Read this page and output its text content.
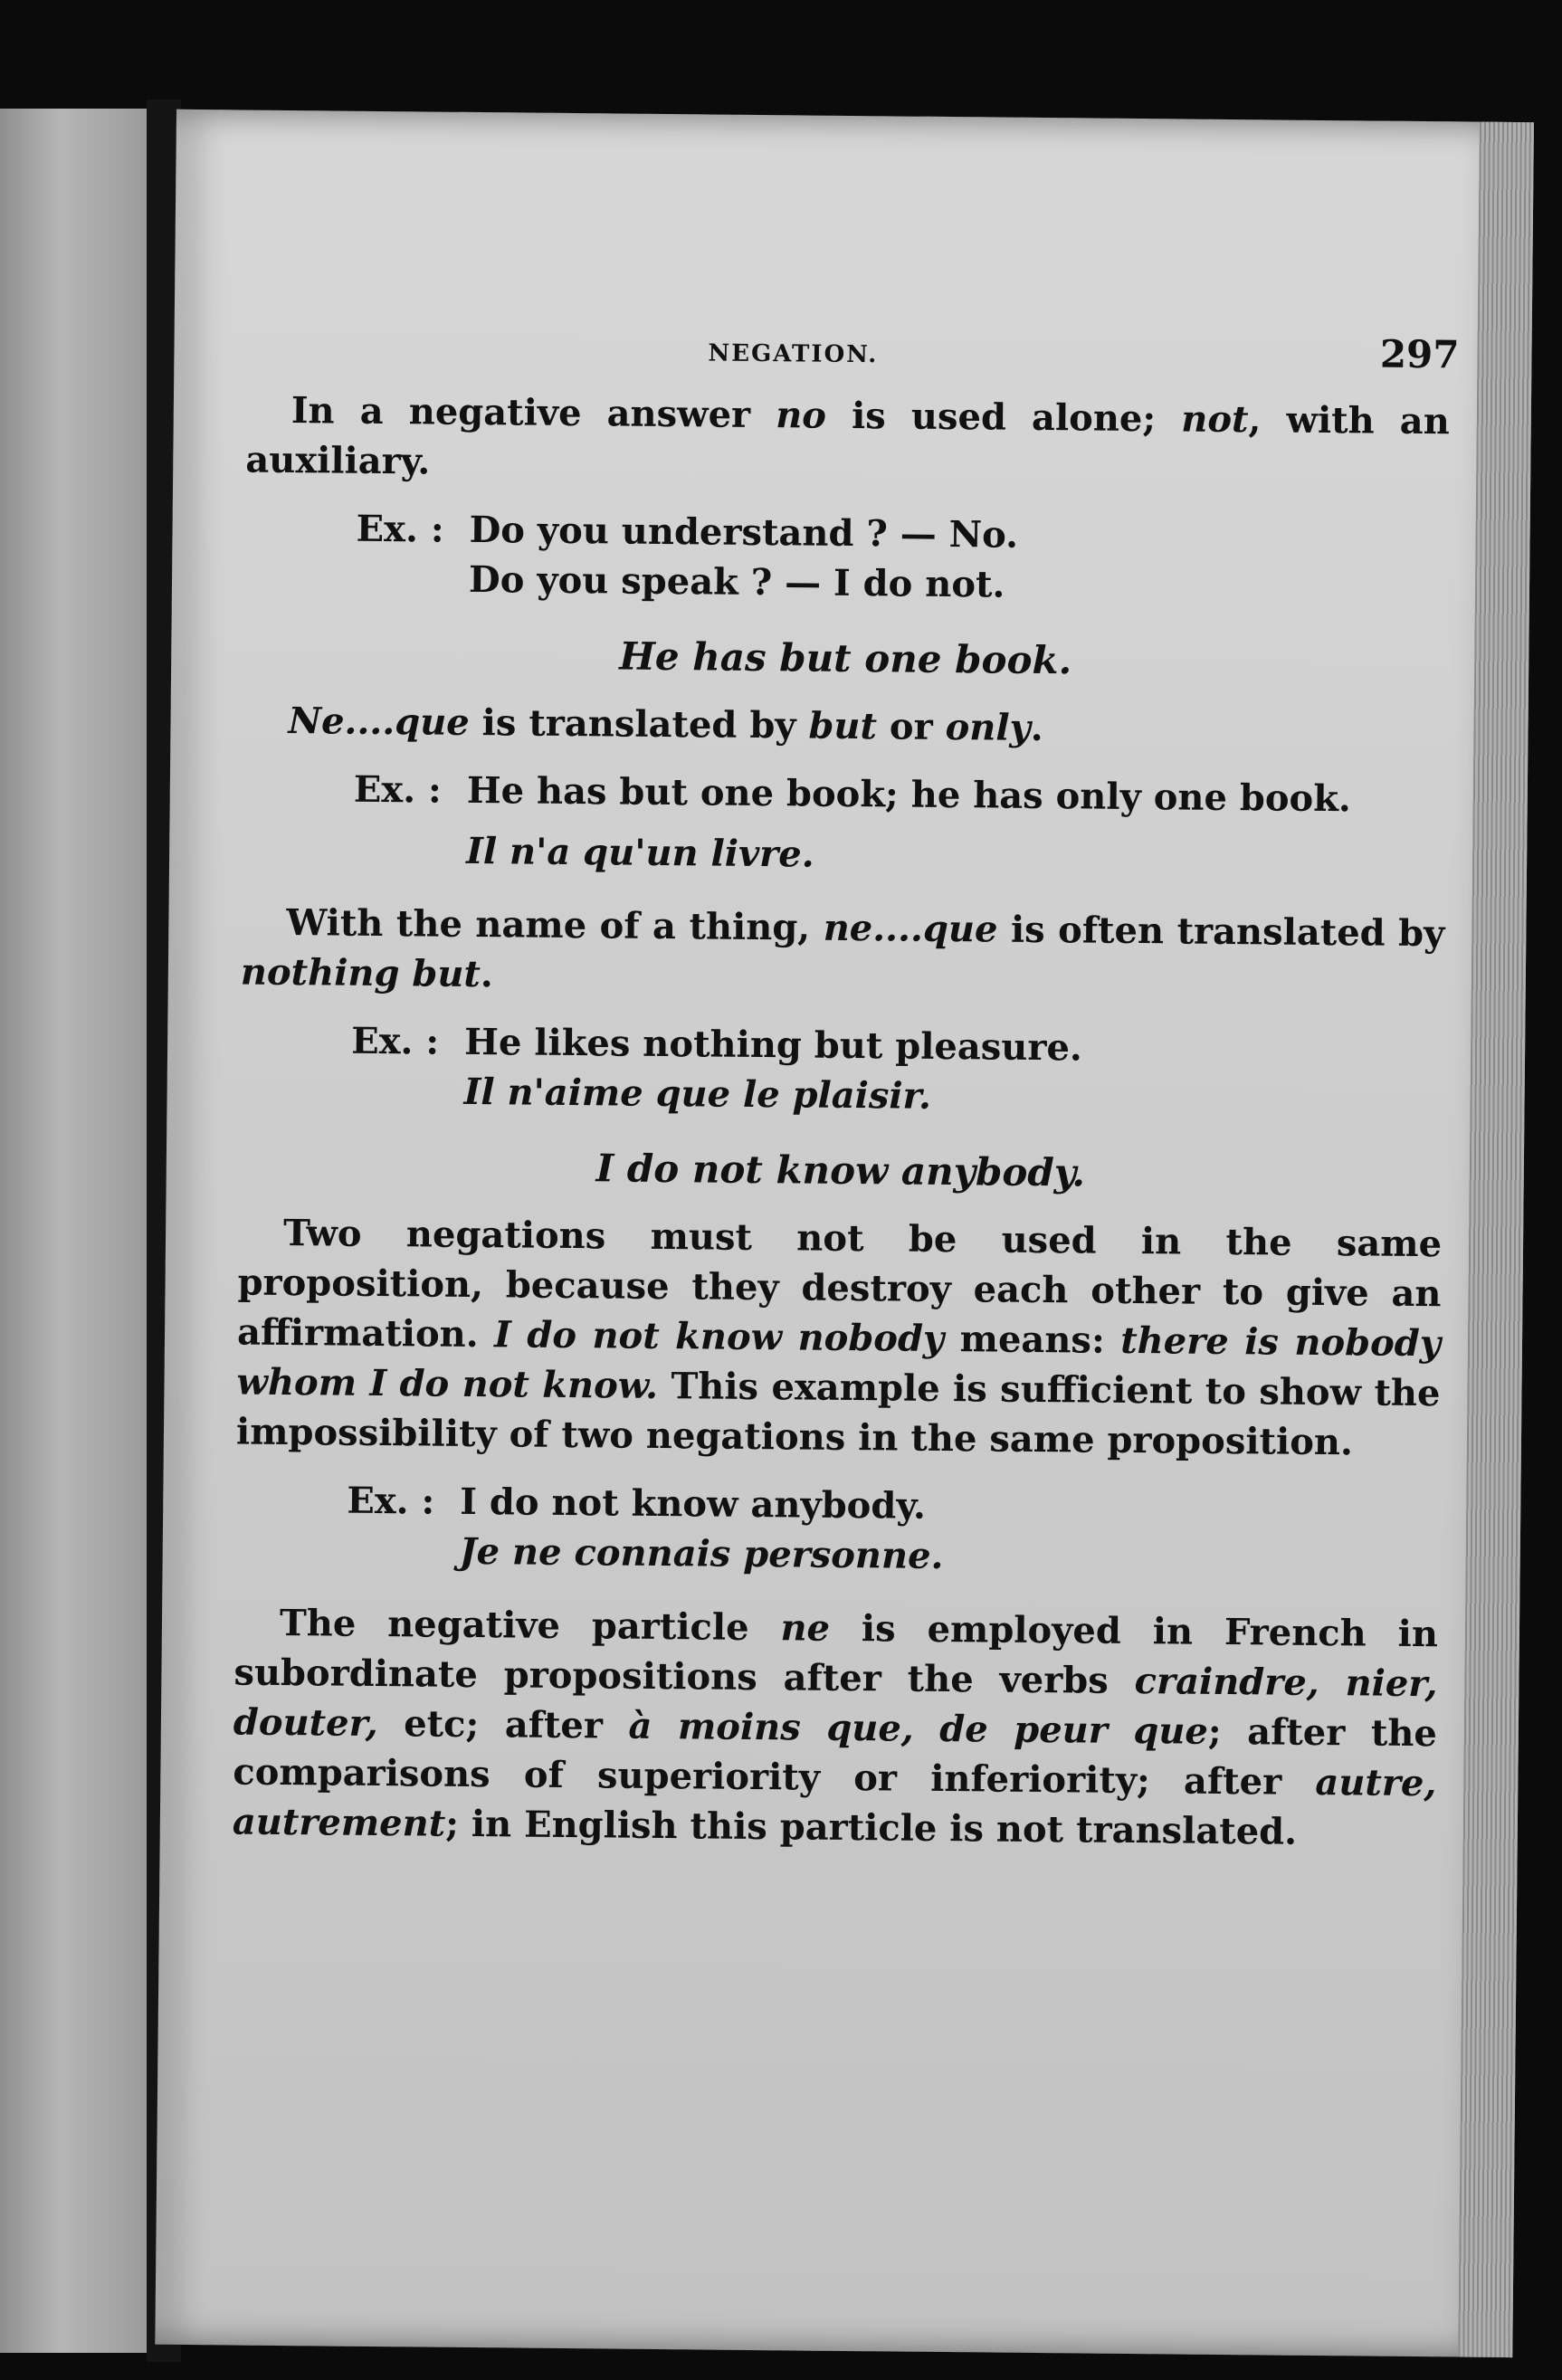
NEGATION.	297

In a negative answer no is used alone; not, with an auxiliary.

Ex. : Do you understand ? — No.
Do you speak ? — I do not.
He has but one book.

Ne....que is translated by but or only.

Ex. : He has but one book; he has only one book.
Il n'a qu'un livre.

With the name of a thing, ne....que is often translated by nothing but.

Ex. : He likes nothing but pleasure.
Il n'aime que le plaisir.
I do not know anybody.

Two negations must not be used in the same proposition, because they destroy each other to give an affirmation. I do not know nobody means: there is nobody whom I do not know. This example is sufficient to show the impossibility of two negations in the same proposition.

Ex. : I do not know anybody.
Je ne connais personne.

The negative particle ne is employed in French in subordinate propositions after the verbs craindre, nier, douter, etc; after à moins que, de peur que; after the comparisons of superiority or inferiority; after autre, autrement; in English this particle is not translated.
